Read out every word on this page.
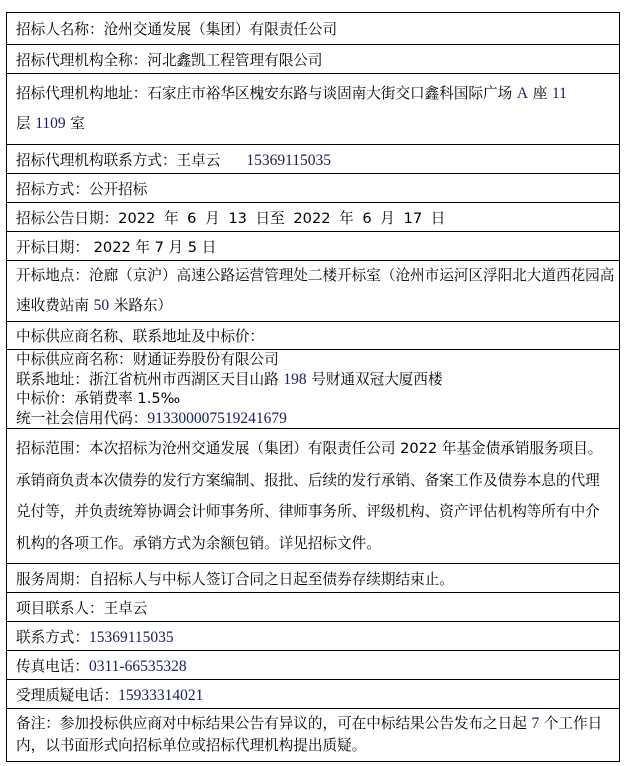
招标人名称：沧州交通发展（集团）有限责任公司
招标代理机构全称：河北鑫凯工程管理有限公司
招标代理机构地址：石家庄市裕华区槐安东路与谈固南大街交口鑫科国际广场 A 座 11
层 1109 室
招标代理机构联系方式：王卓云 15369115035
招标方式：公开招标
招标公告日期：2022 年 6 月 13 日至 2022 年 6 月 17 日
开标日期： 2022 年 7 月 5 日
开标地点：沧廊（京沪）高速公路运营管理处二楼开标室（沧州市运河区浮阳北大道西花园高速收费站南 50 米路东）
中标供应商名称、联系地址及中标价：

中标供应商名称：财通证券股份有限公司
联系地址：浙江省杭州市西湖区天目山路 198 号财通双冠大厦西楼
中标价：承销费率 1.5‰
统一社会信用代码：913300007519241679

招标范围：本次招标为沧州交通发展（集团）有限责任公司 2022 年基金债承销服务项目。承销商负责本次债券的发行方案编制、报批、后续的发行承销、备案工作及债券本息的代理兑付等，并负责统筹协调会计师事务所、律师事务所、评级机构、资产评估机构等所有中介机构的各项工作。承销方式为余额包销。详见招标文件。
服务周期：自招标人与中标人签订合同之日起至债券存续期结束止。
项目联系人：王卓云
联系方式：15369115035
传真电话：0311-66535328
受理质疑电话：15933314021
备注：参加投标供应商对中标结果公告有异议的，可在中标结果公告发布之日起 7 个工作日内，以书面形式向招标单位或招标代理机构提出质疑。
